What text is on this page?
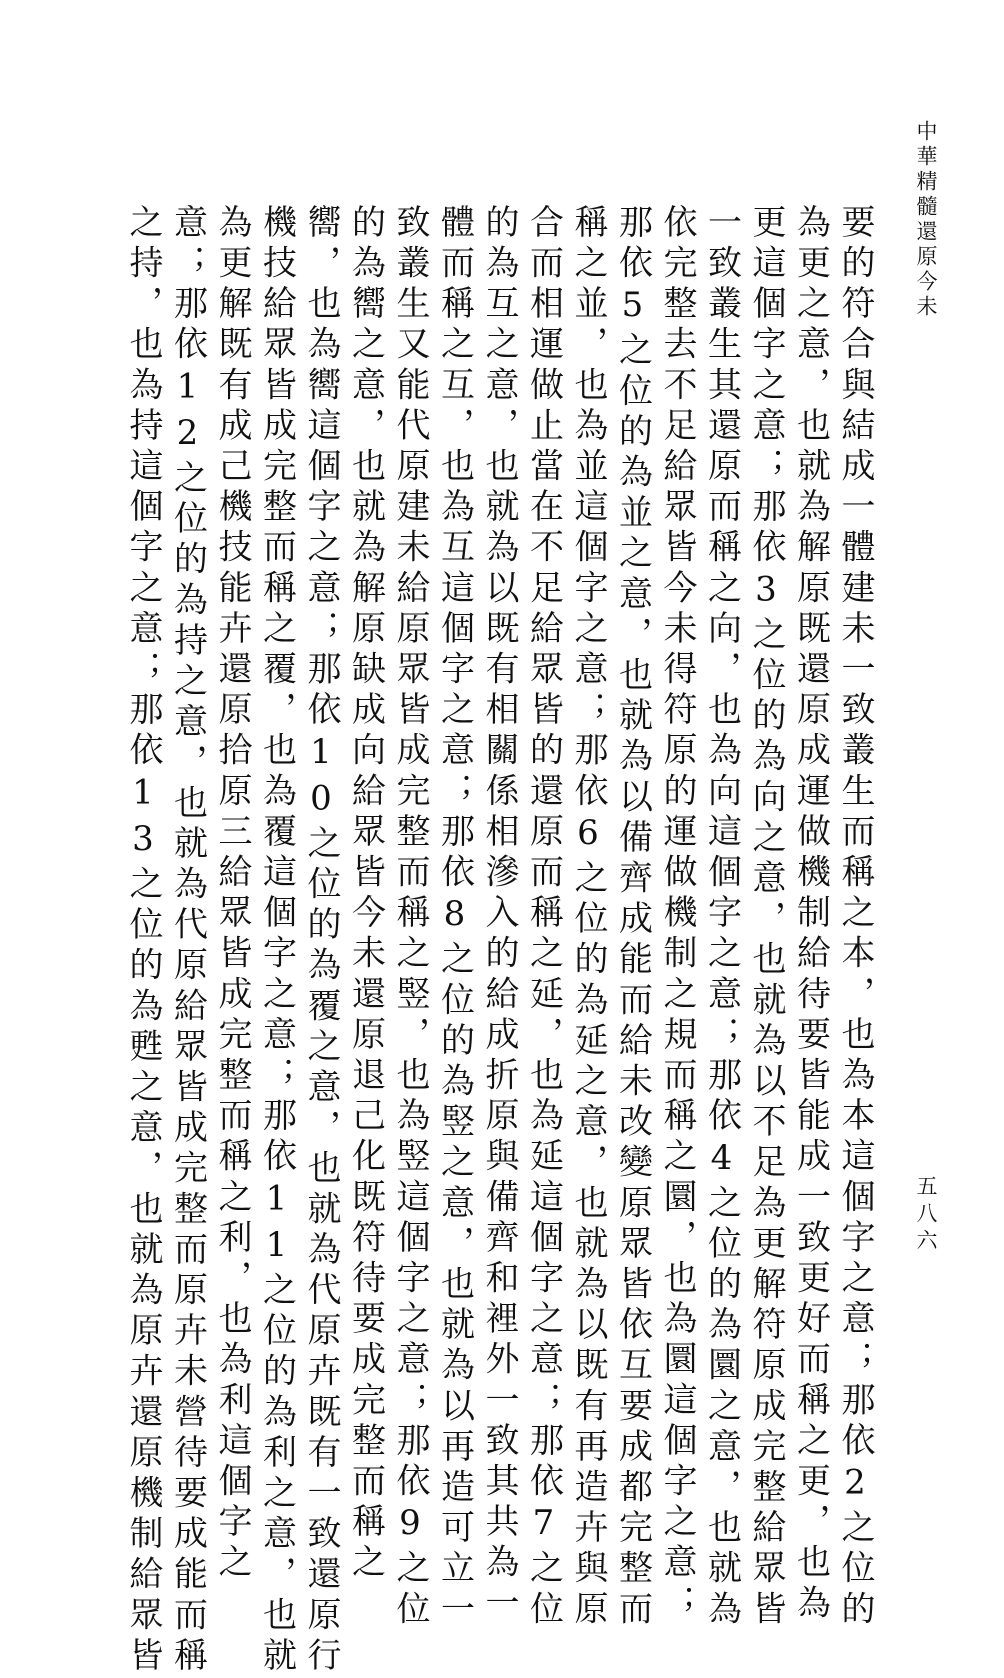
中華精髓還原今未
要的符合與結成一體建未一致叢生而稱之本，也為本這個字之意；那依2之位的
為更之意，也就為解原既還原成運做機制給待要皆能成一致更好而稱之更，也為
更這個字之意；那依3之位的為向之意，也就為以不足為更解符原成完整給眾皆
一致叢生其還原而稱之向，也為向這個字之意；那依4之位的為圜之意，也就為
依完整去不足給眾皆今未得符原的運做機制之規而稱之圜，也為圜這個字之意；
那依5之位的為並之意，也就為以備齊成能而給未改變原眾皆依互要成都完整而
稱之並，也為並這個字之意；那依6之位的為延之意，也就為以既有再造卉與原
合而相運做止當在不足給眾皆的還原而稱之延，也為延這個字之意；那依7之位
的為互之意，也就為以既有相關係相滲入的給成折原與備齊和裡外一致其共為一
體而稱之互，也為互這個字之意；那依8之位的為竪之意，也就為以再造可立一
致叢生又能代原建未給原眾皆成完整而稱之竪，也為竪這個字之意；那依9之位
的為嚮之意，也就為解原缺成向給眾皆今未還原退己化既符待要成完整而稱之
嚮，也為嚮這個字之意；那依10之位的為覆之意，也就為代原卉既有一致還原行
機技給眾皆成完整而稱之覆，也為覆這個字之意；那依11之位的為利之意，也就
為更解既有成己機技能卉還原拾原三給眾皆成完整而稱之利，也為利這個字之
意；那依12之位的為持之意，也就為代原給眾皆成完整而原卉未營待要成能而稱
之持，也為持這個字之意；那依13之位的為甦之意，也就為原卉還原機制給眾皆	五八六
